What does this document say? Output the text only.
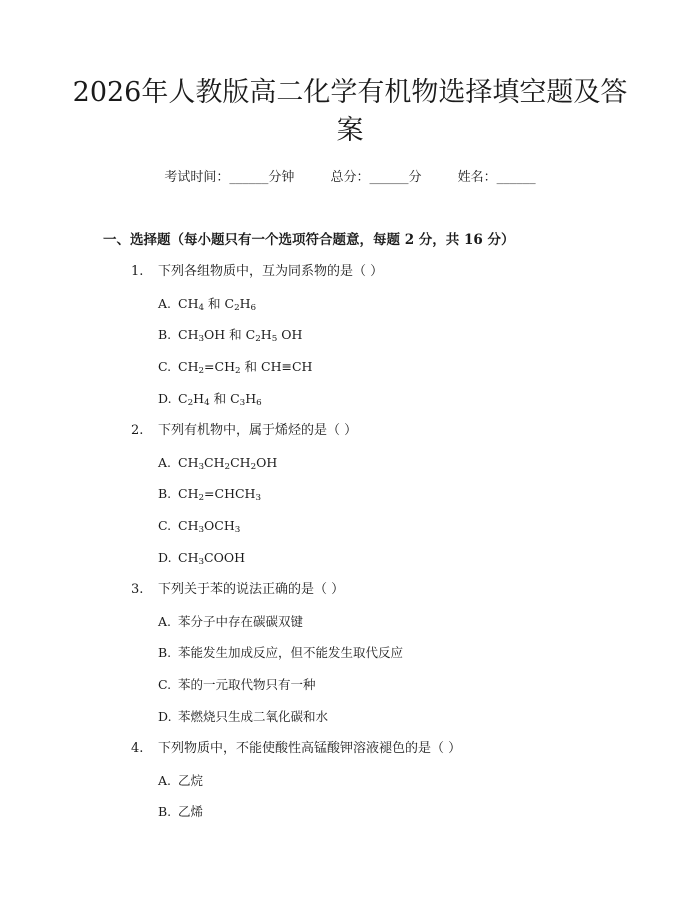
2026年人教版高二化学有机物选择填空题及答案
考试时间：______分钟	总分：______分	姓名：______
一、选择题（每小题只有一个选项符合题意，每题 2 分，共 16 分）
1. 下列各组物质中，互为同系物的是（ ）
A. $CH_4$ 和 $C_2H_6$
B. $CH_3OH$ 和 $C_2H_5$ OH
C. $CH_2=CH_2$ 和 CH≡CH
D. $C_2H_4$ 和 $C_3H_6$
2. 下列有机物中，属于烯烃的是（ ）
A. $CH_3CH_2CH_2OH$
B. $CH_2=CHCH_3$
C. $CH_3OCH_3$
D. $CH_3COOH$
3. 下列关于苯的说法正确的是（ ）
A. 苯分子中存在碳碳双键
B. 苯能发生加成反应，但不能发生取代反应
C. 苯的一元取代物只有一种
D. 苯燃烧只生成二氧化碳和水
4. 下列物质中，不能使酸性高锰酸钾溶液褪色的是（ ）
A. 乙烷
B. 乙烯
